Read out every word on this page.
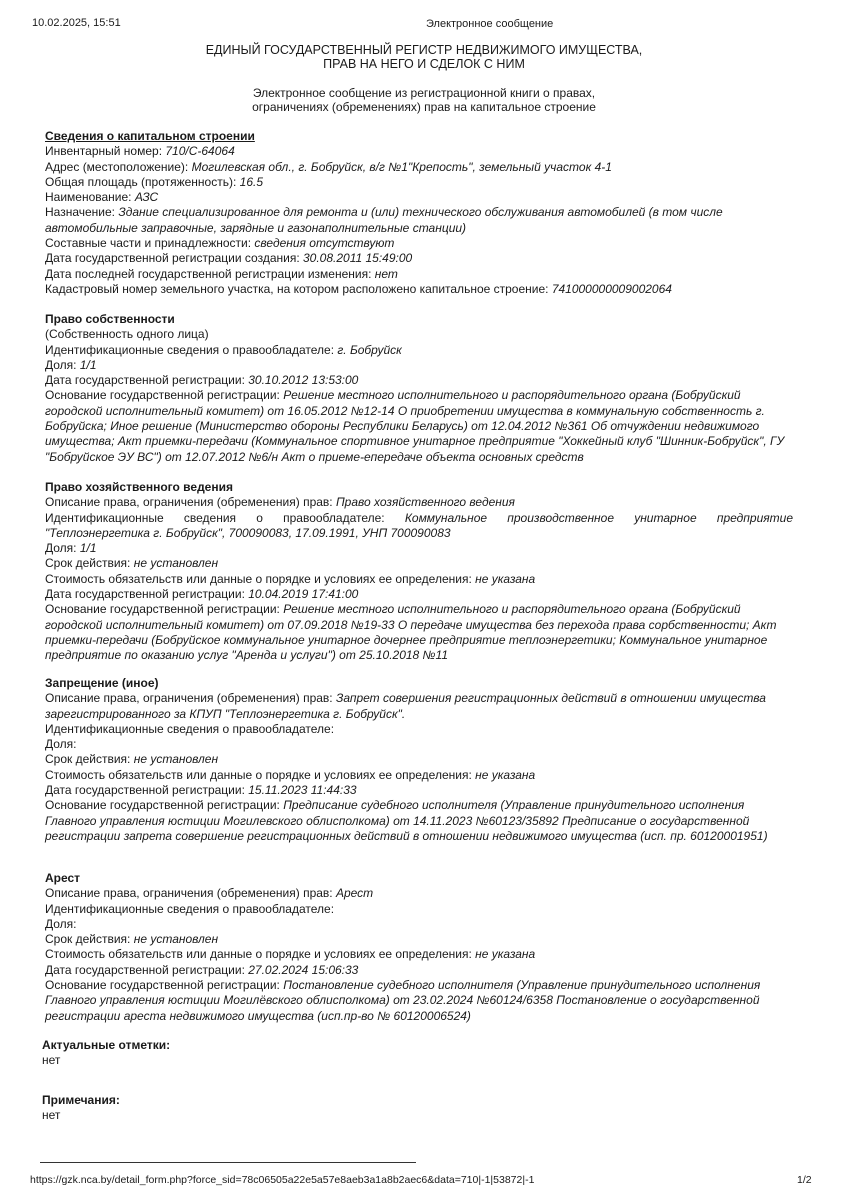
10.02.2025, 15:51	Электронное сообщение
ЕДИНЫЙ ГОСУДАРСТВЕННЫЙ РЕГИСТР НЕДВИЖИМОГО ИМУЩЕСТВА,
ПРАВ НА НЕГО И СДЕЛОК С НИМ
Электронное сообщение из регистрационной книги о правах,
ограничениях (обременениях) прав на капитальное строение
Сведения о капитальном строении
Инвентарный номер: 710/С-64064
Адрес (местоположение): Могилевская обл., г. Бобруйск, в/г №1"Крепость", земельный участок 4-1
Общая площадь (протяженность): 16.5
Наименование: АЗС
Назначение: Здание специализированное для ремонта и (или) технического обслуживания автомобилей (в том числе автомобильные заправочные, зарядные и газонаполнительные станции)
Составные части и принадлежности: сведения отсутствуют
Дата государственной регистрации создания: 30.08.2011 15:49:00
Дата последней государственной регистрации изменения: нет
Кадастровый номер земельного участка, на котором расположено капитальное строение: 741000000009002064
Право собственности
(Собственность одного лица)
Идентификационные сведения о правообладателе: г. Бобруйск
Доля: 1/1
Дата государственной регистрации: 30.10.2012 13:53:00
Основание государственной регистрации: Решение местного исполнительного и распорядительного органа (Бобруйский городской исполнительный комитет) от 16.05.2012 №12-14 О приобретении имущества в коммунальную собственность г. Бобруйска; Иное решение (Министерство обороны Республики Беларусь) от 12.04.2012 №361 Об отчуждении недвижимого имущества; Акт приемки-передачи (Коммунальное спортивное унитарное предприятие "Хоккейный клуб "Шинник-Бобруйск", ГУ "Бобруйское ЭУ ВС") от 12.07.2012 №6/н Акт о приеме-епередаче объекта основных средств
Право хозяйственного ведения
Описание права, ограничения (обременения) прав: Право хозяйственного ведения
Идентификационные сведения о правообладателе: Коммунальное производственное унитарное предприятие
"Теплоэнергетика г. Бобруйск", 700090083, 17.09.1991, УНП 700090083
Доля: 1/1
Срок действия: не установлен
Стоимость обязательств или данные о порядке и условиях ее определения: не указана
Дата государственной регистрации: 10.04.2019 17:41:00
Основание государственной регистрации: Решение местного исполнительного и распорядительного органа (Бобруйский городской исполнительный комитет) от 07.09.2018 №19-33 О передаче имущества без перехода права сорбственности; Акт приемки-передачи (Бобруйское коммунальное унитарное дочернее предприятие теплоэнергетики; Коммунальное унитарное предприятие по оказанию услуг "Аренда и услуги") от 25.10.2018 №11
Запрещение (иное)
Описание права, ограничения (обременения) прав: Запрет совершения регистрационных действий в отношении имущества зарегистрированного за КПУП "Теплоэнергетика г. Бобруйск".
Идентификационные сведения о правообладателе:
Доля:
Срок действия: не установлен
Стоимость обязательств или данные о порядке и условиях ее определения: не указана
Дата государственной регистрации: 15.11.2023 11:44:33
Основание государственной регистрации: Предписание судебного исполнителя (Управление принудительного исполнения Главного управления юстиции Могилевского облисполкома) от 14.11.2023 №60123/35892 Предписание о государственной регистрации запрета совершение регистрационных действий в отношении недвижимого имущества (исп. пр. 60120001951)
Арест
Описание права, ограничения (обременения) прав: Арест
Идентификационные сведения о правообладателе:
Доля:
Срок действия: не установлен
Стоимость обязательств или данные о порядке и условиях ее определения: не указана
Дата государственной регистрации: 27.02.2024 15:06:33
Основание государственной регистрации: Постановление судебного исполнителя (Управление принудительного исполнения Главного управления юстиции Могилёвского облисполкома) от 23.02.2024 №60124/6358 Постановление о государственной регистрации ареста недвижимого имущества (исп.пр-во № 60120006524)
Актуальные отметки:
нет
Примечания:
нет
https://gzk.nca.by/detail_form.php?force_sid=78c06505a22e5a57e8aeb3a1a8b2aec6&data=710|-1|53872|-1	1/2
